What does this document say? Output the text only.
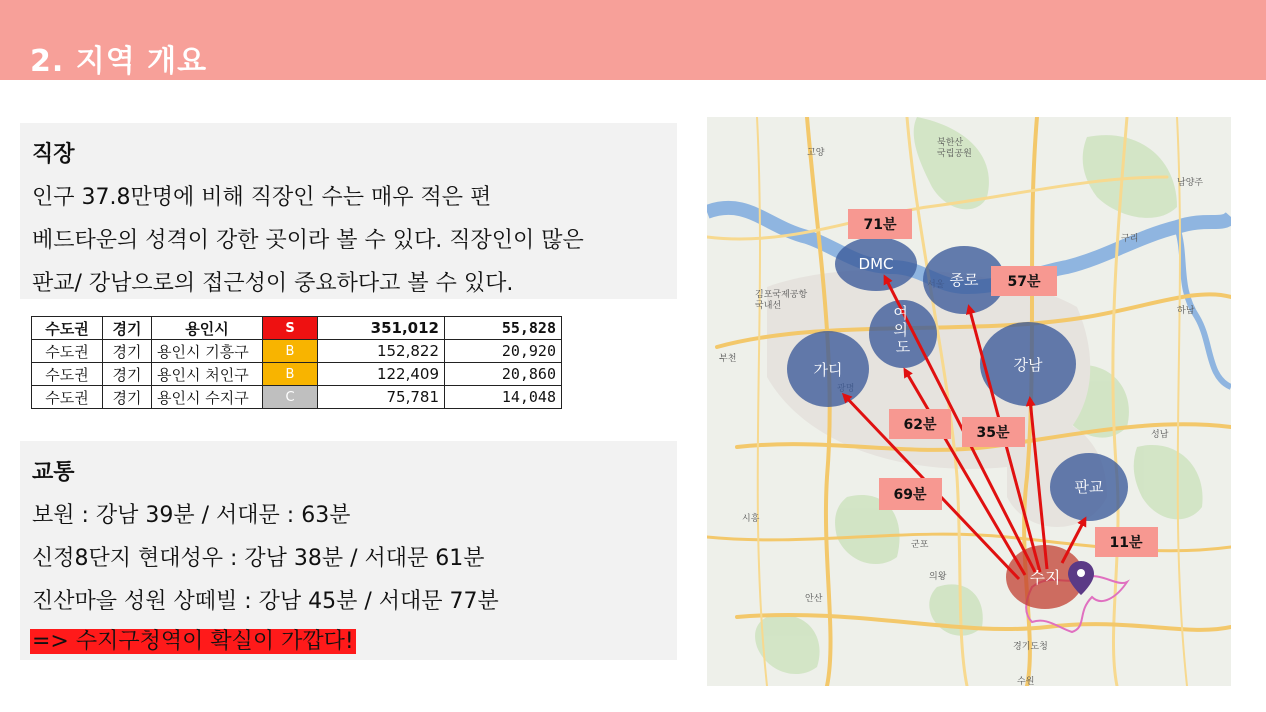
2. 지역 개요
직장
인구 37.8만명에 비해 직장인 수는 매우 적은 편
베드타운의 성격이 강한 곳이라 볼 수 있다. 직장인이 많은
판교/ 강남으로의 접근성이 중요하다고 볼 수 있다.
수도권	경기	용인시	S	351,012	55,828
수도권	경기	용인시 기흥구	B	152,822	20,920
수도권	경기	용인시 처인구	B	122,409	20,860
수도권	경기	용인시 수지구	C	75,781	14,048
교통
보원 : 강남 39분 / 서대문 : 63분
신정8단지 현대성우 : 강남 38분 / 서대문 61분
진산마을 성원 상떼빌 : 강남 45분 / 서대문 77분
=> 수지구청역이 확실이 가깝다!
고양
남양주
구리
하남
부천
시흥
군포
의왕
안산
성남
경기도청
수원
북한산 국립공원
김포국제공항 국내선
DMC
종로
강남
가디
판교
수지
여 의 도
71분
57분
62분	35분
69분
11분
